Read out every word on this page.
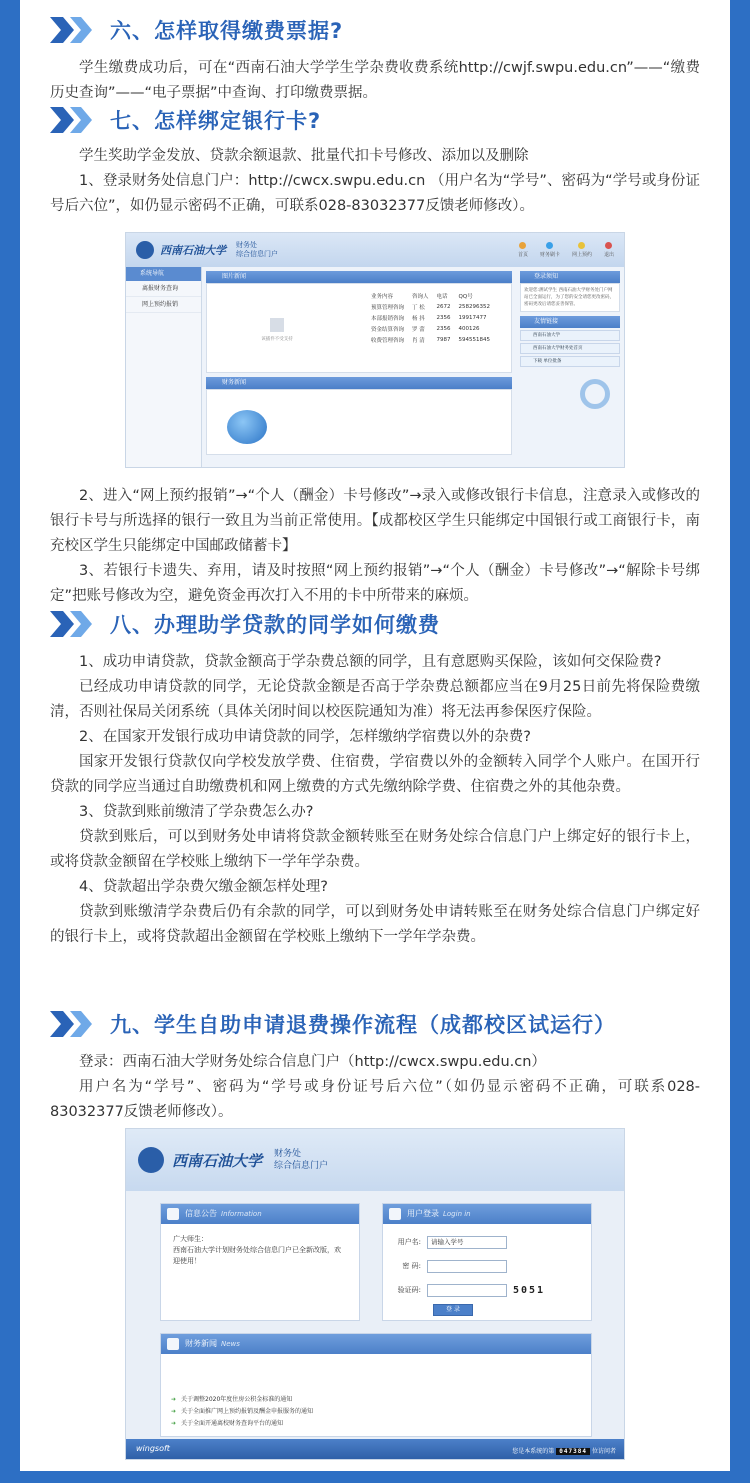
六、怎样取得缴费票据?

学生缴费成功后，可在“西南石油大学学生学杂费收费系统http://cwjf.swpu.edu.cn”——“缴费历史查询”——“电子票据”中查询、打印缴费票据。

七、怎样绑定银行卡?

学生奖助学金发放、贷款余额退款、批量代扣卡号修改、添加以及删除

1、登录财务处信息门户：http://cwcx.swpu.edu.cn （用户名为“学号”、密码为“学号或身份证号后六位”，如仍显示密码不正确，可联系028-83032377反馈老师修改）。

西南石油大学 财务处
综合信息门户	首页 财务刷卡 网上预约 退出
系统导航
离报财务查询
网上预约报销
图片新闻
该插件不受支持
业务内容	咨询人	电话	QQ号
预算管理咨询	丁 松	2672	258296352
本部报销咨询	杨 抖	2356	19917477
资金结算咨询	罗 蕾	2356	400126
收费管理咨询	肖 清	7987	594551845
财务新闻
登录须知
欢迎您:测试学生 西南石油大学财务处门户网站已全面运行，为了您的安全请您更改密码，密码更改后请您妥善保管。
友情链接
西南石油大学
西南石油大学财务处首页
下载 单位批条

2、进入“网上预约报销”→“个人（酬金）卡号修改”→录入或修改银行卡信息，注意录入或修改的银行卡号与所选择的银行一致且为当前正常使用。【成都校区学生只能绑定中国银行或工商银行卡，南充校区学生只能绑定中国邮政储蓄卡】

3、若银行卡遗失、弃用，请及时按照“网上预约报销”→“个人（酬金）卡号修改”→“解除卡号绑定”把账号修改为空，避免资金再次打入不用的卡中所带来的麻烦。

八、办理助学贷款的同学如何缴费

1、成功申请贷款，贷款金额高于学杂费总额的同学，且有意愿购买保险，该如何交保险费?

已经成功申请贷款的同学，无论贷款金额是否高于学杂费总额都应当在9月25日前先将保险费缴清，否则社保局关闭系统（具体关闭时间以校医院通知为准）将无法再参保医疗保险。

2、在国家开发银行成功申请贷款的同学，怎样缴纳学宿费以外的杂费?

国家开发银行贷款仅向学校发放学费、住宿费，学宿费以外的金额转入同学个人账户。在国开行贷款的同学应当通过自助缴费机和网上缴费的方式先缴纳除学费、住宿费之外的其他杂费。

3、贷款到账前缴清了学杂费怎么办?

贷款到账后，可以到财务处申请将贷款金额转账至在财务处综合信息门户上绑定好的银行卡上，或将贷款金额留在学校账上缴纳下一学年学杂费。

4、贷款超出学杂费欠缴金额怎样处理?

贷款到账缴清学杂费后仍有余款的同学，可以到财务处申请转账至在财务处综合信息门户绑定好的银行卡上，或将贷款超出金额留在学校账上缴纳下一学年学杂费。

九、学生自助申请退费操作流程（成都校区试运行）

登录：西南石油大学财务处综合信息门户（http://cwcx.swpu.edu.cn）

用户名为“学号”、密码为“学号或身份证号后六位”（如仍显示密码不正确，可联系028-83032377反馈老师修改）。

西南石油大学 财务处
综合信息门户
信息公告 Information
广大师生：
西南石油大学计划财务处综合信息门户已全新改版，欢迎使用！
用户登录 Login in
用户名:	请输入学号
密 码:
验证码:	5051
登 录
财务新闻 News
➜ 关于调整2020年度住房公积金标准的通知
➜ 关于全面推广网上预约报销及酬金申报服务的通知
➜ 关于全面开通离校财务查询平台的通知
wingsoft	您是本系统的第 047384 位访问者
